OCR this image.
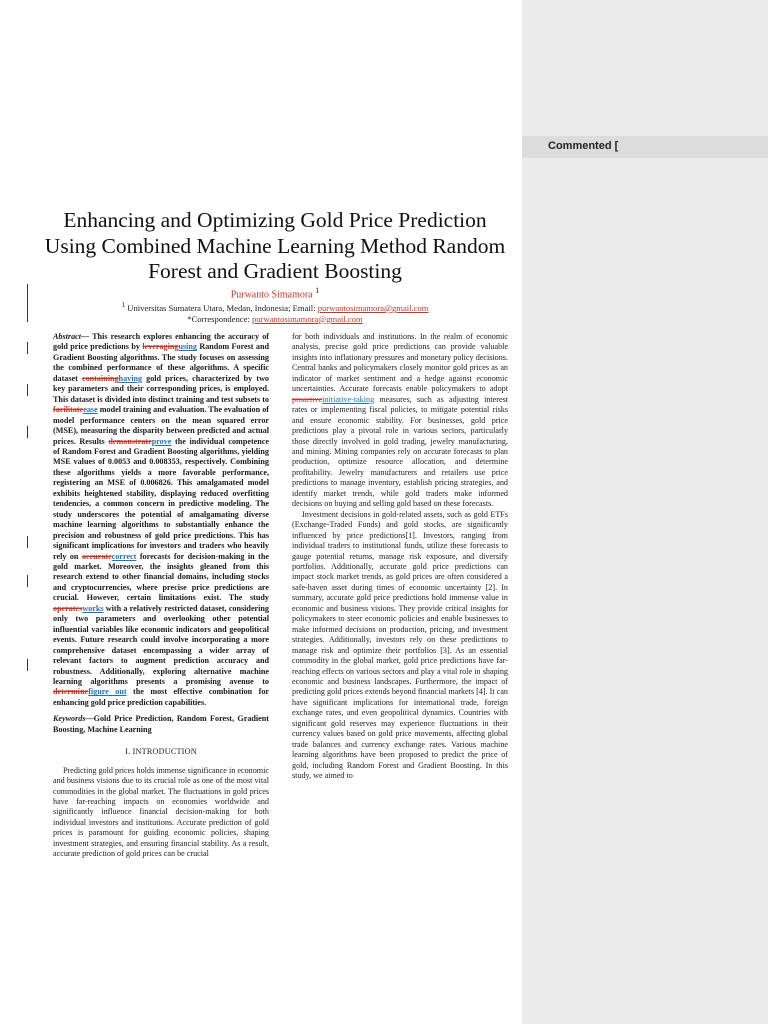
Commented [
Enhancing and Optimizing Gold Price Prediction Using Combined Machine Learning Method Random Forest and Gradient Boosting
Purwanto Simamora $^1$
$^1$ Universitas Sumatera Utara, Medan, Indonesia; Email: purwantosimamora@gmail.com
*Correspondence: purwantosimamora@gmail.com

Abstract— This research explores enhancing the accuracy of gold price predictions by leveragingusing Random Forest and Gradient Boosting algorithms. The study focuses on assessing the combined performance of these algorithms. A specific dataset containinghaving gold prices, characterized by two key parameters and their corresponding prices, is employed. This dataset is divided into distinct training and test subsets to facilitateease model training and evaluation. The evaluation of model performance centers on the mean squared error (MSE), measuring the disparity between predicted and actual prices. Results demonstrateprove the individual competence of Random Forest and Gradient Boosting algorithms, yielding MSE values of 0.0053 and 0.008353, respectively. Combining these algorithms yields a more favorable performance, registering an MSE of 0.006826. This amalgamated model exhibits heightened stability, displaying reduced overfitting tendencies, a common concern in predictive modeling. The study underscores the potential of amalgamating diverse machine learning algorithms to substantially enhance the precision and robustness of gold price predictions. This has significant implications for investors and traders who heavily rely on accuratecorrect forecasts for decision-making in the gold market. Moreover, the insights gleaned from this research extend to other financial domains, including stocks and cryptocurrencies, where precise price predictions are crucial. However, certain limitations exist. The study operatesworks with a relatively restricted dataset, considering only two parameters and overlooking other potential influential variables like economic indicators and geopolitical events. Future research could involve incorporating a more comprehensive dataset encompassing a wider array of relevant factors to augment prediction accuracy and robustness. Additionally, exploring alternative machine learning algorithms presents a promising avenue to determinefigure out the most effective combination for enhancing gold price prediction capabilities.

Keywords—Gold Price Prediction, Random Forest, Gradient Boosting, Machine Learning

I. INTRODUCTION

Predicting gold prices holds immense significance in economic and business visions due to its crucial role as one of the most vital commodities in the global market. The fluctuations in gold prices have far-reaching impacts on economies worldwide and significantly influence financial decision-making for both individual investors and institutions. Accurate prediction of gold prices is paramount for guiding economic policies, shaping investment strategies, and ensuring financial stability. As a result, accurate prediction of gold prices can be crucial

for both individuals and institutions. In the realm of economic analysis, precise gold price predictions can provide valuable insights into inflationary pressures and monetary policy decisions. Central banks and policymakers closely monitor gold prices as an indicator of market sentiment and a hedge against economic uncertainties. Accurate forecasts enable policymakers to adopt proactiveinitiative-taking measures, such as adjusting interest rates or implementing fiscal policies, to mitigate potential risks and ensure economic stability. For businesses, gold price predictions play a pivotal role in various sectors, particularly those directly involved in gold trading, jewelry manufacturing, and mining. Mining companies rely on accurate forecasts to plan production, optimize resource allocation, and determine profitability. Jewelry manufacturers and retailers use price predictions to manage inventory, establish pricing strategies, and identify market trends, while gold traders make informed decisions on buying and selling gold based on these forecasts.

Investment decisions in gold-related assets, such as gold ETFs (Exchange-Traded Funds) and gold stocks, are significantly influenced by price predictions[1]. Investors, ranging from individual traders to institutional funds, utilize these forecasts to gauge potential returns, manage risk exposure, and diversify portfolios. Additionally, accurate gold price predictions can impact stock market trends, as gold prices are often considered a safe-haven asset during times of economic uncertainty [2]. In summary, accurate gold price predictions hold immense value in economic and business visions. They provide critical insights for policymakers to steer economic policies and enable businesses to make informed decisions on production, pricing, and investment strategies. Additionally, investors rely on these predictions to manage risk and optimize their portfolios [3]. As an essential commodity in the global market, gold price predictions have far-reaching effects on various sectors and play a vital role in shaping economic and business landscapes. Furthermore, the impact of predicting gold prices extends beyond financial markets [4]. It can have significant implications for international trade, foreign exchange rates, and even geopolitical dynamics. Countries with significant gold reserves may experience fluctuations in their currency values based on gold price movements, affecting global trade balances and currency exchange rates. Various machine learning algorithms have been proposed to predict the price of gold, including Random Forest and Gradient Boosting. In this study, we aimed to
